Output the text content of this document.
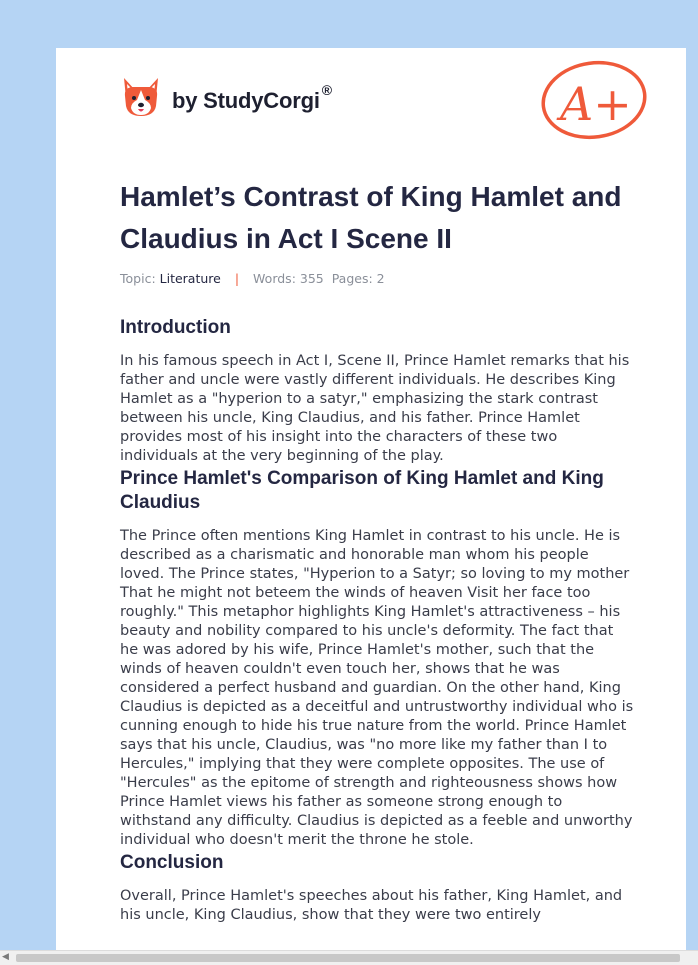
by StudyCorgi ®	A+
Hamlet’s Contrast of King Hamlet and Claudius in Act I Scene II
Topic: Literature | Words: 355 Pages: 2
Introduction

In his famous speech in Act I, Scene II, Prince Hamlet remarks that his father and uncle were vastly different individuals. He describes King Hamlet as a "hyperion to a satyr," emphasizing the stark contrast between his uncle, King Claudius, and his father. Prince Hamlet provides most of his insight into the characters of these two individuals at the very beginning of the play.

Prince Hamlet's Comparison of King Hamlet and King Claudius

The Prince often mentions King Hamlet in contrast to his uncle. He is described as a charismatic and honorable man whom his people loved. The Prince states, "Hyperion to a Satyr; so loving to my mother That he might not beteem the winds of heaven Visit her face too roughly." This metaphor highlights King Hamlet's attractiveness – his beauty and nobility compared to his uncle's deformity. The fact that he was adored by his wife, Prince Hamlet's mother, such that the winds of heaven couldn't even touch her, shows that he was considered a perfect husband and guardian. On the other hand, King Claudius is depicted as a deceitful and untrustworthy individual who is cunning enough to hide his true nature from the world. Prince Hamlet says that his uncle, Claudius, was "no more like my father than I to Hercules," implying that they were complete opposites. The use of "Hercules" as the epitome of strength and righteousness shows how Prince Hamlet views his father as someone strong enough to withstand any difficulty. Claudius is depicted as a feeble and unworthy individual who doesn't merit the throne he stole.

Conclusion

Overall, Prince Hamlet's speeches about his father, King Hamlet, and his uncle, King Claudius, show that they were two entirely

◀
